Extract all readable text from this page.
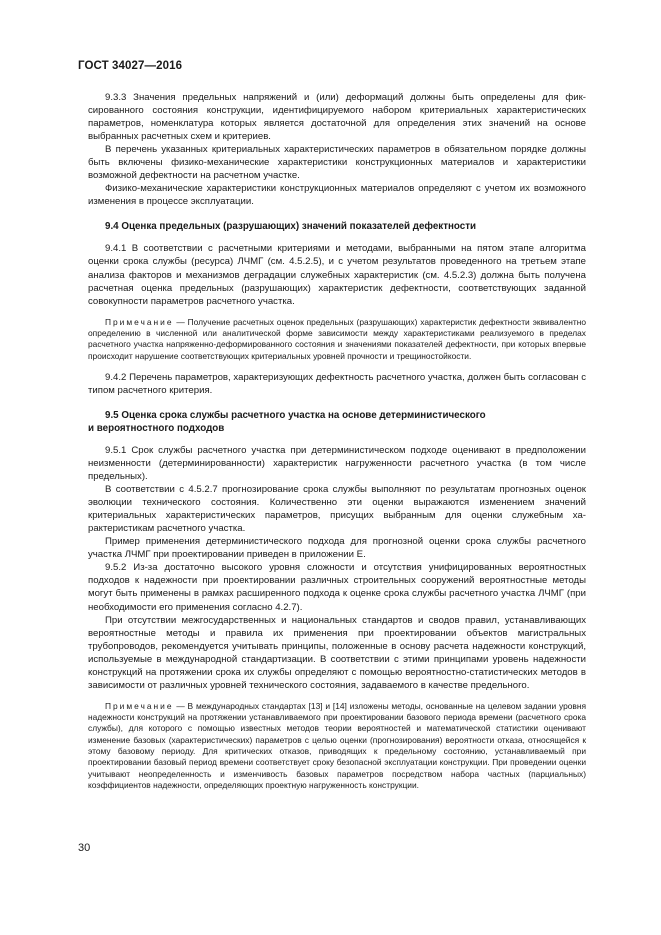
ГОСТ 34027—2016

9.3.3 Значения предельных напряжений и (или) деформаций должны быть определены для фиксированного состояния конструкции, идентифицируемого набором критериальных характеристических параметров, номенклатура которых является достаточной для определения этих значений на основе выбранных расчетных схем и критериев.

В перечень указанных критериальных характеристических параметров в обязательном порядке должны быть включены физико-механические характеристики конструкционных материалов и характеристики возможной дефектности на расчетном участке.

Физико-механические характеристики конструкционных материалов определяют с учетом их возможного изменения в процессе эксплуатации.

9.4 Оценка предельных (разрушающих) значений показателей дефектности

9.4.1 В соответствии с расчетными критериями и методами, выбранными на пятом этапе алгоритма оценки срока службы (ресурса) ЛЧМГ (см. 4.5.2.5), и с учетом результатов проведенного на третьем этапе анализа факторов и механизмов деградации служебных характеристик (см. 4.5.2.3) должна быть получена расчетная оценка предельных (разрушающих) характеристик дефектности, соответствующих заданной совокупности параметров расчетного участка.

Примечание — Получение расчетных оценок предельных (разрушающих) характеристик дефектности эквивалентно определению в численной или аналитической форме зависимости между характеристиками реализуемого в пределах расчетного участка напряженно-деформированного состояния и значениями показателей дефектности, при которых впервые происходит нарушение соответствующих критериальных уровней прочности и трещиностойкости.

9.4.2 Перечень параметров, характеризующих дефектность расчетного участка, должен быть согласован с типом расчетного критерия.

9.5 Оценка срока службы расчетного участка на основе детерминистического
и вероятностного подходов

9.5.1 Срок службы расчетного участка при детерминистическом подходе оценивают в предположении неизменности (детерминированности) характеристик нагруженности расчетного участка (в том числе предельных).

В соответствии с 4.5.2.7 прогнозирование срока службы выполняют по результатам прогнозных оценок эволюции технического состояния. Количественно эти оценки выражаются изменением значений критериальных характеристических параметров, присущих выбранным для оценки служебным характеристикам расчетного участка.

Пример применения детерминистического подхода для прогнозной оценки срока службы расчетного участка ЛЧМГ при проектировании приведен в приложении Е.

9.5.2 Из-за достаточно высокого уровня сложности и отсутствия унифицированных вероятностных подходов к надежности при проектировании различных строительных сооружений вероятностные методы могут быть применены в рамках расширенного подхода к оценке срока службы расчетного участка ЛЧМГ (при необходимости его применения согласно 4.2.7).

При отсутствии межгосударственных и национальных стандартов и сводов правил, устанавливающих вероятностные методы и правила их применения при проектировании объектов магистральных трубопроводов, рекомендуется учитывать принципы, положенные в основу расчета надежности конструкций, используемые в международной стандартизации. В соответствии с этими принципами уровень надежности конструкций на протяжении срока их службы определяют с помощью вероятностно-статистических методов в зависимости от различных уровней технического состояния, задаваемого в качестве предельного.

Примечание — В международных стандартах [13] и [14] изложены методы, основанные на целевом задании уровня надежности конструкций на протяжении устанавливаемого при проектировании базового периода времени (расчетного срока службы), для которого с помощью известных методов теории вероятностей и математической статистики оценивают изменение базовых (характеристических) параметров с целью оценки (прогнозирования) вероятности отказа, относящейся к этому базовому периоду. Для критических отказов, приводящих к предельному состоянию, устанавливаемый при проектировании базовый период времени соответствует сроку безопасной эксплуатации конструкции. При проведении оценки учитывают неопределенность и изменчивость базовых параметров посредством набора частных (парциальных) коэффициентов надежности, определяющих проектную нагруженность конструкции.

30
